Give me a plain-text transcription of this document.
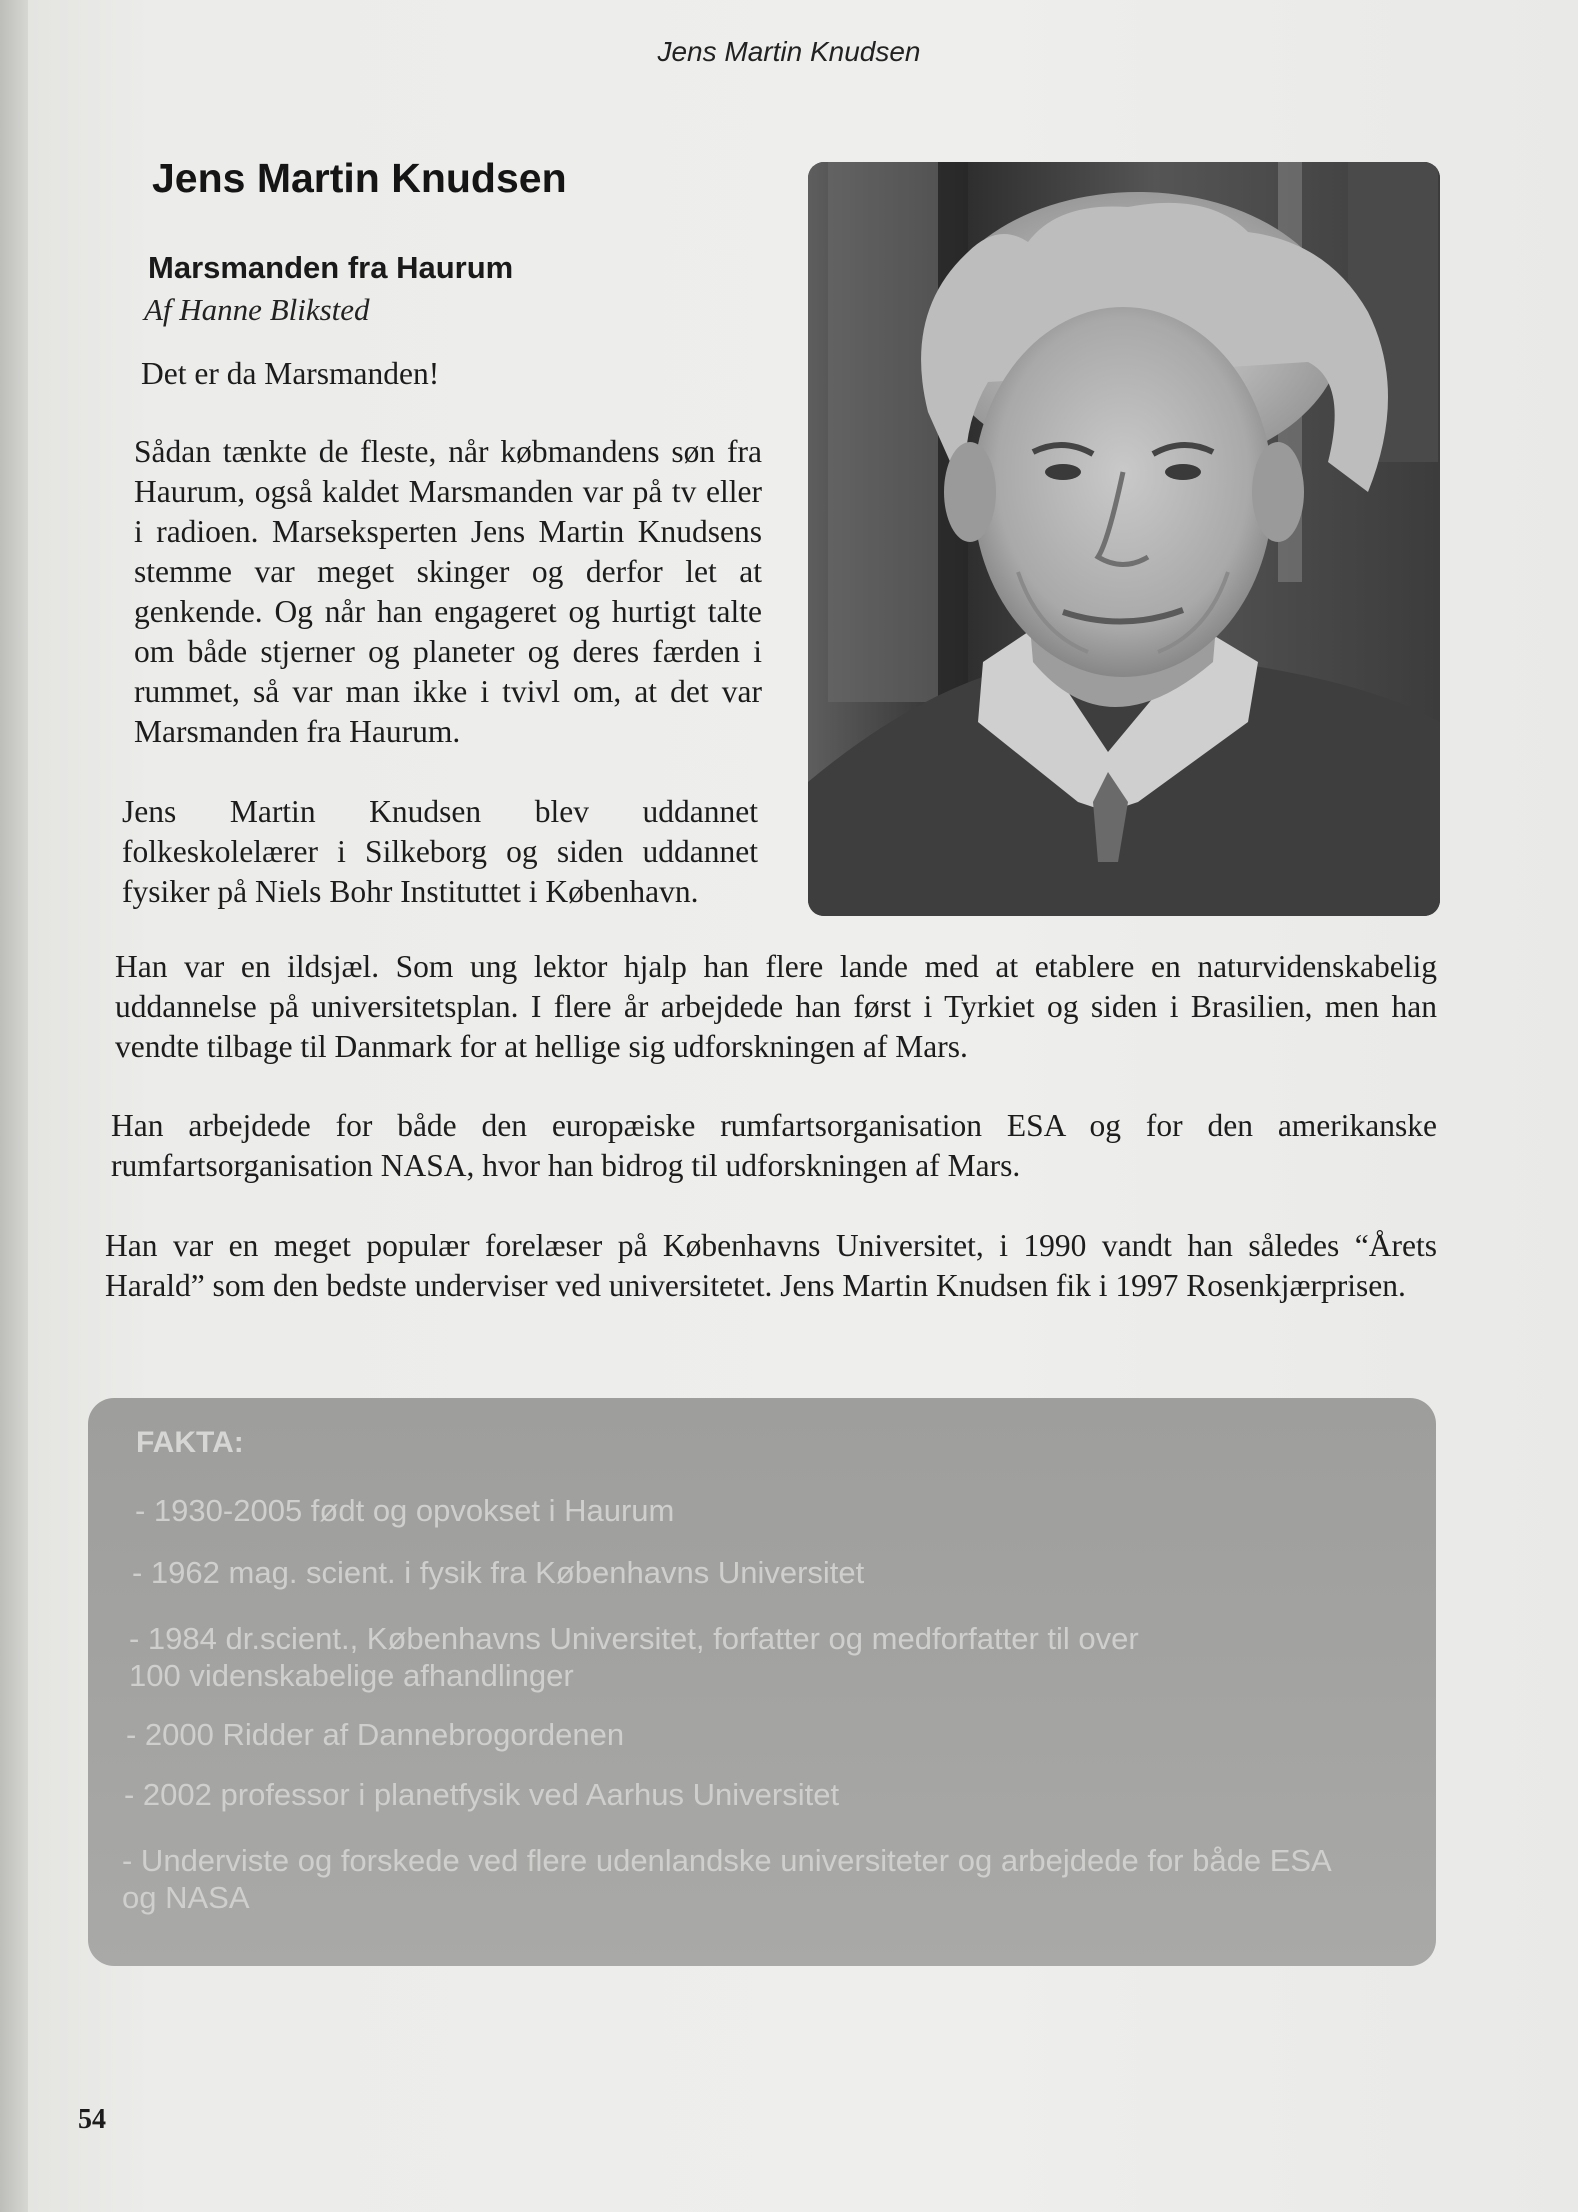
Jens Martin Knudsen
Jens Martin Knudsen
Marsmanden fra Haurum
Af Hanne Bliksted

Det er da Marsmanden!

Sådan tænkte de fleste, når købmandens søn fra Haurum, også kaldet Marsmanden var på tv eller i radioen. Marseksperten Jens Martin Knudsens stemme var meget skinger og derfor let at genkende. Og når han engageret og hurtigt talte om både stjerner og planeter og deres færden i rummet, så var man ikke i tvivl om, at det var Marsmanden fra Haurum.

Jens Martin Knudsen blev uddannet folkeskolelærer i Silkeborg og siden uddannet fysiker på Niels Bohr Instituttet i København.

Han var en ildsjæl. Som ung lektor hjalp han flere lande med at etablere en naturvidenskabelig uddannelse på universitetsplan. I flere år arbejdede han først i Tyrkiet og siden i Brasilien, men han vendte tilbage til Danmark for at hellige sig udforskningen af Mars.

Han arbejdede for både den europæiske rumfartsorganisation ESA og for den amerikanske rumfartsorganisation NASA, hvor han bidrog til udforskningen af Mars.

Han var en meget populær forelæser på Københavns Universitet, i 1990 vandt han således “Årets Harald” som den bedste underviser ved universitetet. Jens Martin Knudsen fik i 1997 Rosenkjærprisen.

FAKTA:
- 1930-2005 født og opvokset i Haurum
- 1962 mag. scient. i fysik fra Københavns Universitet
- 1984 dr.scient., Københavns Universitet, forfatter og medforfatter til over 100 videnskabelige afhandlinger
- 2000 Ridder af Dannebrogordenen
- 2002 professor i planetfysik ved Aarhus Universitet
- Underviste og forskede ved flere udenlandske universiteter og arbejdede for både ESA og NASA
54
